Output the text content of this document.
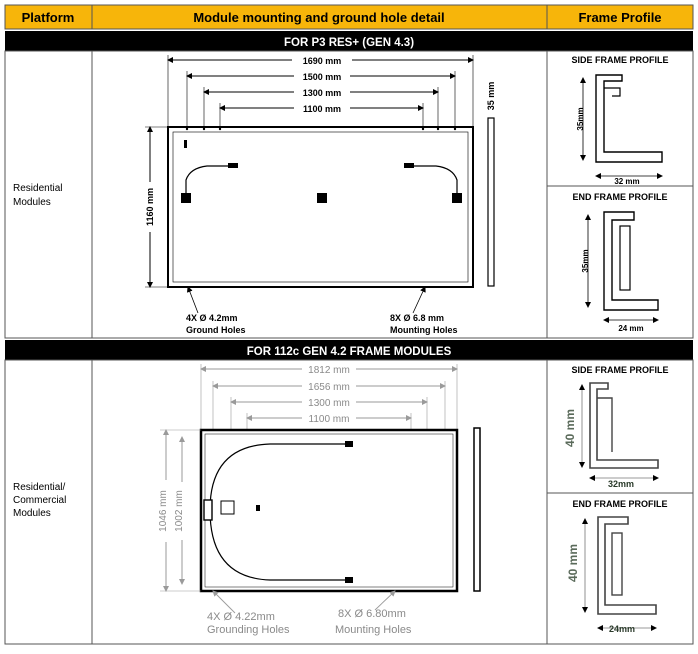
Platform	Module mounting and ground hole detail	Frame Profile
FOR P3 RES+ (GEN 4.3)
Residential
Modules
1690 mm
1500 mm
1300 mm
1100 mm
1160 mm
35 mm
4X Ø 4.2mm
Ground Holes
8X Ø 6.8 mm
Mounting Holes
SIDE FRAME PROFILE
35mm
32 mm
END FRAME PROFILE
35mm
24 mm
FOR 112c GEN 4.2 FRAME MODULES
Residential/
Commercial
Modules
1812 mm
1656 mm
1300 mm
1100 mm
1046 mm 1002 mm
4X Ø 4.22mm
Grounding Holes
8X Ø 6.80mm
Mounting Holes
SIDE FRAME PROFILE
40 mm
32mm
END FRAME PROFILE
40 mm
24mm
